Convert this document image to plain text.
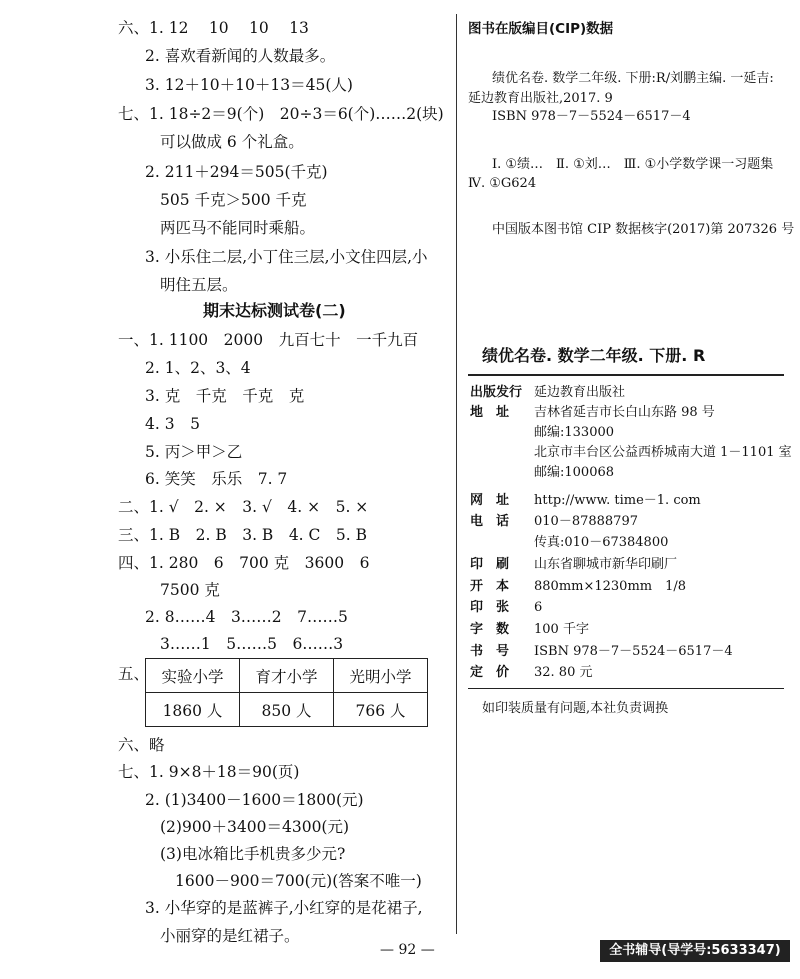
六、1. 12　 10　 10　 13
2. 喜欢看新闻的人数最多。
3. 12＋10＋10＋13＝45(人)
七、1. 18÷2＝9(个)　20÷3＝6(个)……2(块)
可以做成 6 个礼盒。
2. 211＋294＝505(千克)
505 千克＞500 千克
两匹马不能同时乘船。
3. 小乐住二层,小丁住三层,小文住四层,小
明住五层。
期末达标测试卷(二)
一、1. 1100　2000　九百七十　一千九百
2. 1、2、3、4
3. 克　千克　千克　克
4. 3　5
5. 丙＞甲＞乙
6. 笑笑　乐乐　7. 7
二、1. √　2. ×　3. √　4. ×　5. ×
三、1. B　2. B　3. B　4. C　5. B
四、1. 280　6　700 克　3600　6
7500 克
2. 8……4　3……2　7……5
3……1　5……5　6……3
五、 实验小学	育才小学	光明小学
1860 人	850 人	766 人
六、略
七、1. 9×8＋18＝90(页)
2. (1)3400－1600＝1800(元)
(2)900＋3400＝4300(元)
(3)电冰箱比手机贵多少元?
1600－900＝700(元)(答案不唯一)
3. 小华穿的是蓝裤子,小红穿的是花裙子,
小丽穿的是红裙子。
图书在版编目(CIP)数据
绩优名卷. 数学二年级. 下册:R/刘鹏主编. 一延吉:
延边教育出版社,2017. 9
ISBN 978－7－5524－6517－4
Ⅰ. ①绩…　Ⅱ. ①刘…　Ⅲ. ①小学数学课一习题集
Ⅳ. ①G624
中国版本图书馆 CIP 数据核字(2017)第 207326 号
绩优名卷. 数学二年级. 下册. R
出版发行 延边教育出版社
地　址 吉林省延吉市长白山东路 98 号
邮编:133000
北京市丰台区公益西桥城南大道 1－1101 室
邮编:100068
网　址 http://www. time－1. com
电　话 010－87888797
传真:010－67384800
印　刷 山东省聊城市新华印刷厂
开　本 880mm×1230mm　1/8
印　张 6
字　数 100 千字
书　号 ISBN 978－7－5524－6517－4
定　价 32. 80 元
如印装质量有问题,本社负责调换
— 92 —	全书辅导(导学号:5633347)
